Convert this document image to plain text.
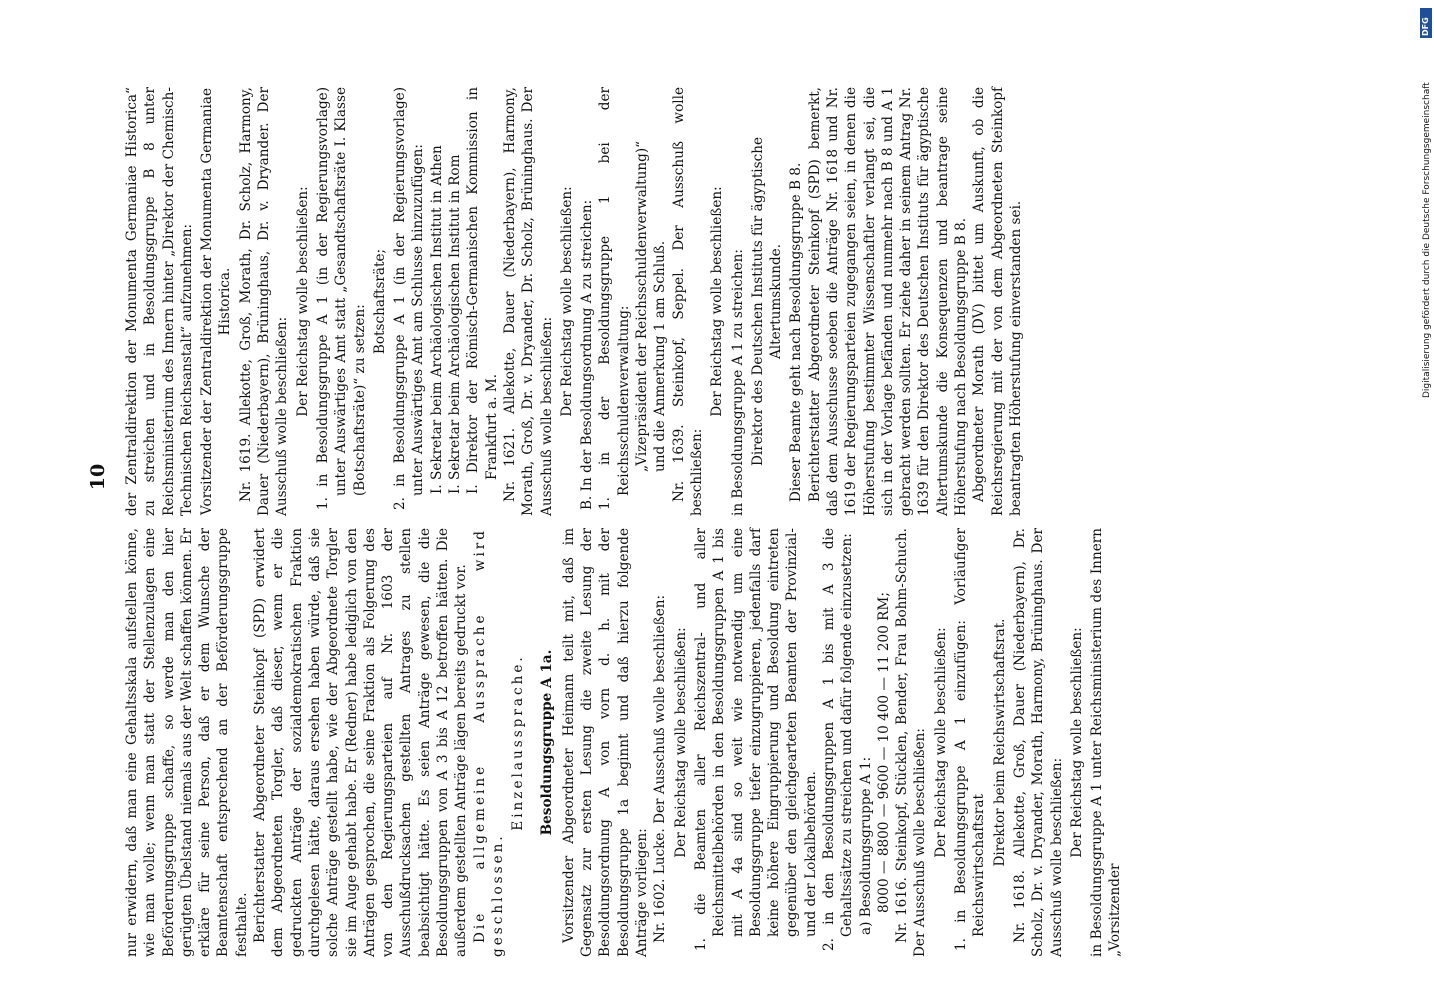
10

nur erwidern, daß man eine Gehaltsskala aufstellen könne, wie man wolle; wenn man statt der Stellenzulagen eine Beförderungsgruppe schaffe, so werde man den hier gerügten Übelstand niemals aus der Welt schaffen können. Er erkläre für seine Person, daß er dem Wunsche der Beamtenschaft entsprechend an der Beförderungsgruppe festhalte. Berichterstatter Abgeordneter Steinkopf (SPD) erwidert dem Abgeordneten Torgler, daß dieser, wenn er die gedruckten Anträge der sozialdemokratischen Fraktion durchgelesen hätte, daraus ersehen haben würde, daß sie solche Anträge gestellt habe, wie der Abgeordnete Torgler sie im Auge gehabt habe. Er (Redner) habe lediglich von den Anträgen gesprochen, die seine Fraktion als Folgerung des von den Regierungsparteien auf Nr. 1603 der Ausschußdrucksachen gestellten Antrages zu stellen beabsichtigt hätte. Es seien Anträge gewesen, die die Besoldungsgruppen von A 3 bis A 12 betroffen hätten. Die außerdem gestellten Anträge lägen bereits gedruckt vor. Die allgemeine Aussprache wird geschlossen.

Einzelaussprache. Besoldungsgruppe A 1a. Vorsitzender Abgeordneter Heimann teilt mit, daß im Gegensatz zur ersten Lesung die zweite Lesung der Besoldungsordnung A von vorn d. h. mit der Besoldungsgruppe 1a beginnt und daß hierzu folgende Anträge vorliegen: Nr. 1602. Lucke. Der Ausschuß wolle beschließen: Der Reichstag wolle beschließen: 1. die Beamten aller Reichszentral- und aller Reichsmittelbehörden in den Besoldungsgruppen A 1 bis mit A 4a sind so weit wie notwendig um eine Besoldungsgruppe tiefer einzugruppieren, jedenfalls darf keine höhere Eingruppierung und Besoldung eintreten gegenüber den gleichgearteten Beamten der Provinzial- und der Lokalbehörden. 2. in den Besoldungsgruppen A 1 bis mit A 3 die Gehaltssätze zu streichen und dafür folgende einzusetzen: a) Besoldungsgruppe A 1: 8000 — 8800 — 9600 — 10 400 — 11 200 RM; Nr. 1616. Steinkopf, Stücklen, Bender, Frau Bohm-Schuch. Der Ausschuß wolle beschließen: Der Reichstag wolle beschließen: 1. in Besoldungsgruppe A 1 einzufügen: Vorläufiger Reichswirtschaftsrat Direktor beim Reichswirtschaftsrat. Nr. 1618. Allekotte, Groß, Dauer (Niederbayern), Dr. Scholz, Dr. v. Dryander, Morath, Harmony, Brüninghaus. Der Ausschuß wolle beschließen: Der Reichstag wolle beschließen: in Besoldungsgruppe A 1 unter Reichsministerium des Innern „Vorsitzender

der Zentraldirektion der Monumenta Germaniae Historica“ zu streichen und in Besoldungsgruppe B 8 unter Reichsministerium des Innern hinter „Direktor der Chemisch-Technischen Reichsanstalt“ aufzunehmen: Vorsitzender der Zentraldirektion der Monumenta Germaniae Historica. Nr. 1619. Allekotte, Groß, Morath, Dr. Scholz, Harmony, Dauer (Niederbayern), Brüninghaus, Dr. v. Dryander. Der Ausschuß wolle beschließen: Der Reichstag wolle beschließen: 1. in Besoldungsgruppe A 1 (in der Regierungsvorlage) unter Auswärtiges Amt statt „Gesandtschaftsräte I. Klasse (Botschaftsräte)“ zu setzen:

Botschaftsräte; 2. in Besoldungsgruppe A 1 (in der Regierungsvorlage) unter Auswärtiges Amt am Schlusse hinzuzufügen: I. Sekretar beim Archäologischen Institut in Athen I. Sekretar beim Archäologischen Institut in Rom I. Direktor der Römisch-Germanischen Kommission in Frankfurt a. M. Nr. 1621. Allekotte, Dauer (Niederbayern), Harmony, Morath, Groß, Dr. v. Dryander, Dr. Scholz, Brüninghaus. Der Ausschuß wolle beschließen: Der Reichstag wolle beschließen: B. In der Besoldungsordnung A zu streichen: 1. in der Besoldungsgruppe 1 bei der Reichsschuldenverwaltung: „Vizepräsident der Reichsschuldenverwaltung)“ und die Anmerkung 1 am Schluß. Nr. 1639. Steinkopf, Seppel. Der Ausschuß wolle beschließen:

Der Reichstag wolle beschließen: in Besoldungsgruppe A 1 zu streichen: Direktor des Deutschen Instituts für ägyptische Altertumskunde. Dieser Beamte geht nach Besoldungsgruppe B 8. Berichterstatter Abgeordneter Steinkopf (SPD) bemerkt, daß dem Ausschusse soeben die Anträge Nr. 1618 und Nr. 1619 der Regierungsparteien zugegangen seien, in denen die Höherstufung bestimmter Wissenschaftler verlangt sei, die sich in der Vorlage befänden und nunmehr nach B 8 und A 1 gebracht werden sollten. Er ziehe daher in seinem Antrag Nr. 1639 für den Direktor des Deutschen Instituts für ägyptische Altertumskunde die Konsequenzen und beantrage seine Höherstufung nach Besoldungsgruppe B 8. Abgeordneter Morath (DV) bittet um Auskunft, ob die Reichsregierung mit der von dem Abgeordneten Steinkopf beantragten Höherstufung einverstanden sei.	Digitalisierung gefördert durch die Deutsche Forschungsgemeinschaft
DFG
